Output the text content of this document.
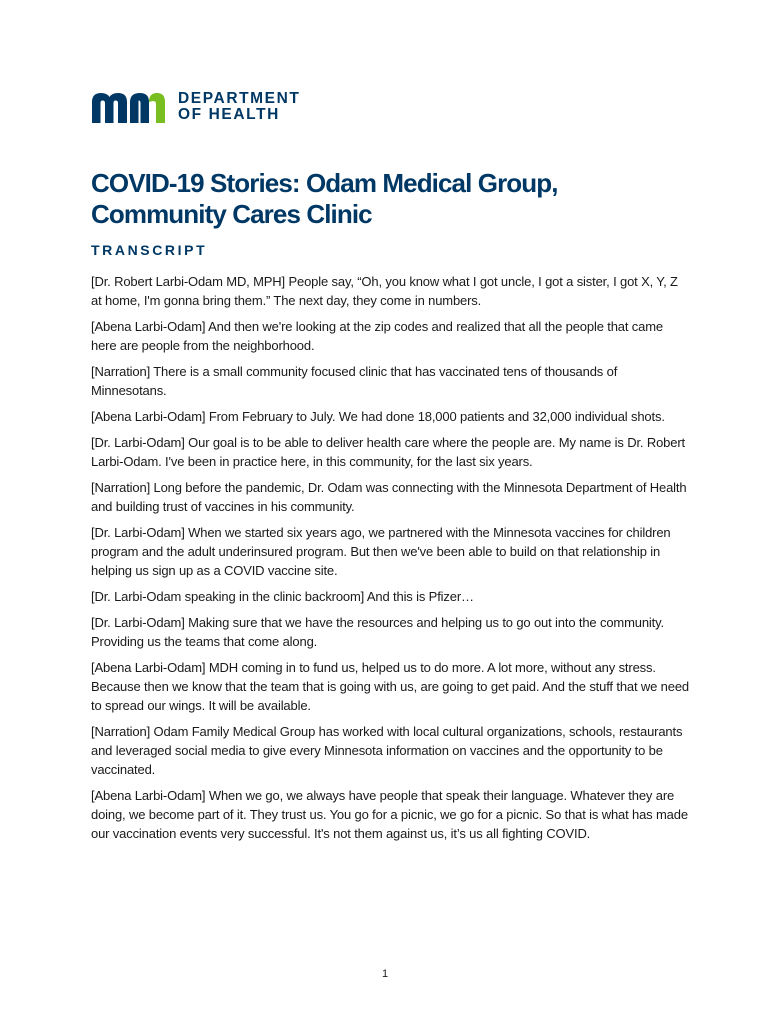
DEPARTMENT
OF HEALTH
COVID-19 Stories: Odam Medical Group, Community Cares Clinic
TRANSCRIPT

[Dr. Robert Larbi-Odam MD, MPH] People say, “Oh, you know what I got uncle, I got a sister, I got X, Y, Z at home, I'm gonna bring them.” The next day, they come in numbers.

[Abena Larbi-Odam] And then we're looking at the zip codes and realized that all the people that came here are people from the neighborhood.

[Narration] There is a small community focused clinic that has vaccinated tens of thousands of Minnesotans.

[Abena Larbi-Odam] From February to July. We had done 18,000 patients and 32,000 individual shots.

[Dr. Larbi-Odam] Our goal is to be able to deliver health care where the people are. My name is Dr. Robert Larbi-Odam. I've been in practice here, in this community, for the last six years.

[Narration] Long before the pandemic, Dr. Odam was connecting with the Minnesota Department of Health and building trust of vaccines in his community.

[Dr. Larbi-Odam] When we started six years ago, we partnered with the Minnesota vaccines for children program and the adult underinsured program. But then we've been able to build on that relationship in helping us sign up as a COVID vaccine site.

[Dr. Larbi-Odam speaking in the clinic backroom] And this is Pfizer…

[Dr. Larbi-Odam] Making sure that we have the resources and helping us to go out into the community. Providing us the teams that come along.

[Abena Larbi-Odam] MDH coming in to fund us, helped us to do more. A lot more, without any stress. Because then we know that the team that is going with us, are going to get paid. And the stuff that we need to spread our wings. It will be available.

[Narration] Odam Family Medical Group has worked with local cultural organizations, schools, restaurants and leveraged social media to give every Minnesota information on vaccines and the opportunity to be vaccinated.

[Abena Larbi-Odam] When we go, we always have people that speak their language. Whatever they are doing, we become part of it. They trust us. You go for a picnic, we go for a picnic. So that is what has made our vaccination events very successful. It's not them against us, it’s us all fighting COVID.

1
